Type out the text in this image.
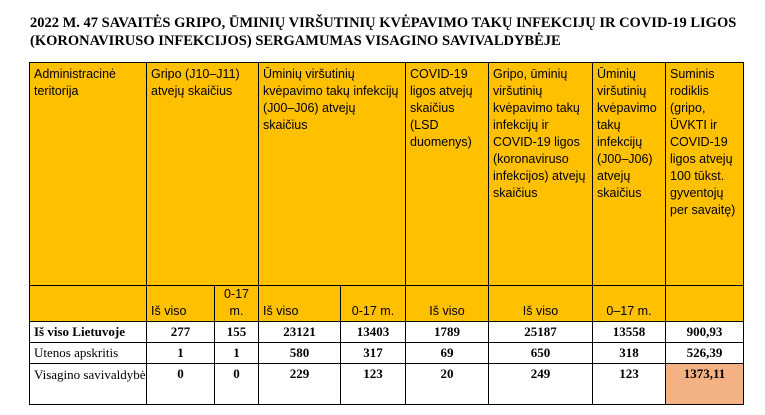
2022 M. 47 SAVAITĖS GRIPO, ŪMINIŲ VIRŠUTINIŲ KVĖPAVIMO TAKŲ INFEKCIJŲ IR COVID-19 LIGOS
(KORONAVIRUSO INFEKCIJOS) SERGAMUMAS VISAGINO SAVIVALDYBĖJE
Administracinė teritorija	Gripo (J10–J11) atvejų skaičius		Ūminių viršutinių kvėpavimo takų infekcijų (J00–J06) atvejų skaičius		COVID-19 ligos atvejų skaičius (LSD duomenys)	Gripo, ūminių viršutinių kvėpavimo takų infekcijų ir COVID-19 ligos (koronaviruso infekcijos) atvejų skaičius	Ūminių viršutinių kvėpavimo takų infekcijų (J00–J06) atvejų skaičius	Suminis rodiklis (gripo, ŪVKTI ir COVID-19 ligos atvejų 100 tūkst. gyventojų per savaitę)
	Iš viso	0-17 m.	Iš viso	0-17 m.	Iš viso	Iš viso	0–17 m.	
Iš viso Lietuvoje	277	155	23121	13403	1789	25187	13558	900,93
Utenos apskritis	1	1	580	317	69	650	318	526,39
Visagino savivaldybė	0	0	229	123	20	249	123	1373,11
